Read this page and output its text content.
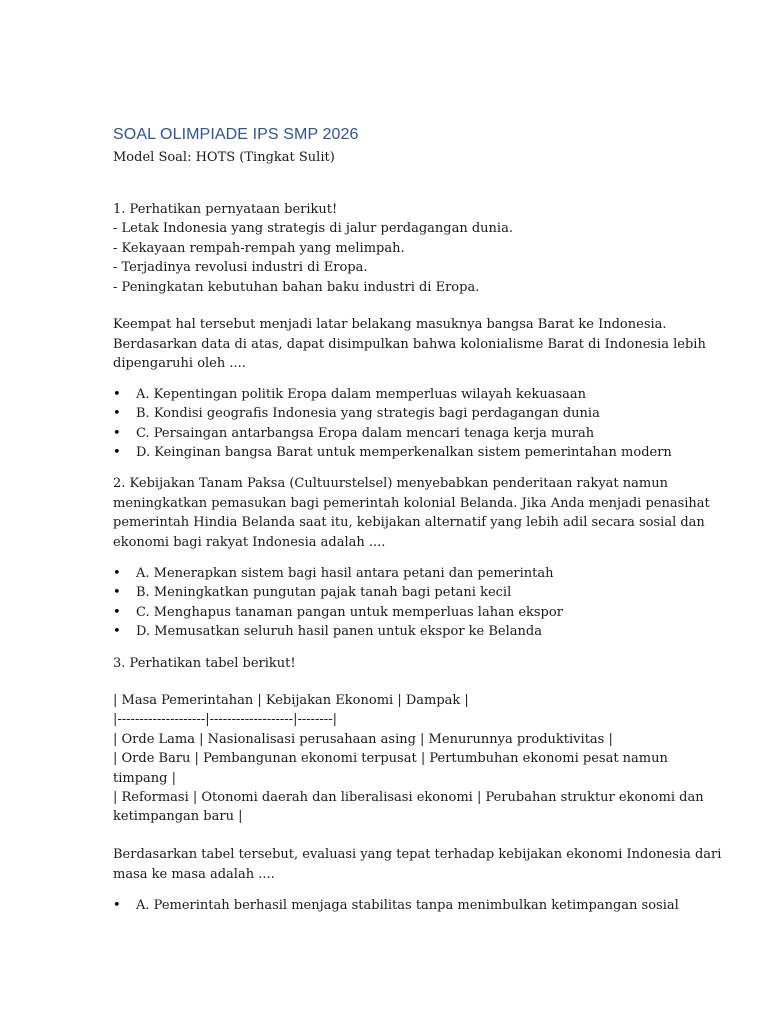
SOAL OLIMPIADE IPS SMP 2026
Model Soal: HOTS (Tingkat Sulit)
1. Perhatikan pernyataan berikut!
- Letak Indonesia yang strategis di jalur perdagangan dunia.
- Kekayaan rempah-rempah yang melimpah.
- Terjadinya revolusi industri di Eropa.
- Peningkatan kebutuhan bahan baku industri di Eropa.
Keempat hal tersebut menjadi latar belakang masuknya bangsa Barat ke Indonesia.
Berdasarkan data di atas, dapat disimpulkan bahwa kolonialisme Barat di Indonesia lebih
dipengaruhi oleh ....
• A. Kepentingan politik Eropa dalam memperluas wilayah kekuasaan
• B. Kondisi geografis Indonesia yang strategis bagi perdagangan dunia
• C. Persaingan antarbangsa Eropa dalam mencari tenaga kerja murah
• D. Keinginan bangsa Barat untuk memperkenalkan sistem pemerintahan modern
2. Kebijakan Tanam Paksa (Cultuurstelsel) menyebabkan penderitaan rakyat namun
meningkatkan pemasukan bagi pemerintah kolonial Belanda. Jika Anda menjadi penasihat
pemerintah Hindia Belanda saat itu, kebijakan alternatif yang lebih adil secara sosial dan
ekonomi bagi rakyat Indonesia adalah ....
• A. Menerapkan sistem bagi hasil antara petani dan pemerintah
• B. Meningkatkan pungutan pajak tanah bagi petani kecil
• C. Menghapus tanaman pangan untuk memperluas lahan ekspor
• D. Memusatkan seluruh hasil panen untuk ekspor ke Belanda
3. Perhatikan tabel berikut!
| Masa Pemerintahan | Kebijakan Ekonomi | Dampak |
|--------------------|-------------------|--------|
| Orde Lama | Nasionalisasi perusahaan asing | Menurunnya produktivitas |
| Orde Baru | Pembangunan ekonomi terpusat | Pertumbuhan ekonomi pesat namun
timpang |
| Reformasi | Otonomi daerah dan liberalisasi ekonomi | Perubahan struktur ekonomi dan
ketimpangan baru |
Berdasarkan tabel tersebut, evaluasi yang tepat terhadap kebijakan ekonomi Indonesia dari
masa ke masa adalah ....
• A. Pemerintah berhasil menjaga stabilitas tanpa menimbulkan ketimpangan sosial
